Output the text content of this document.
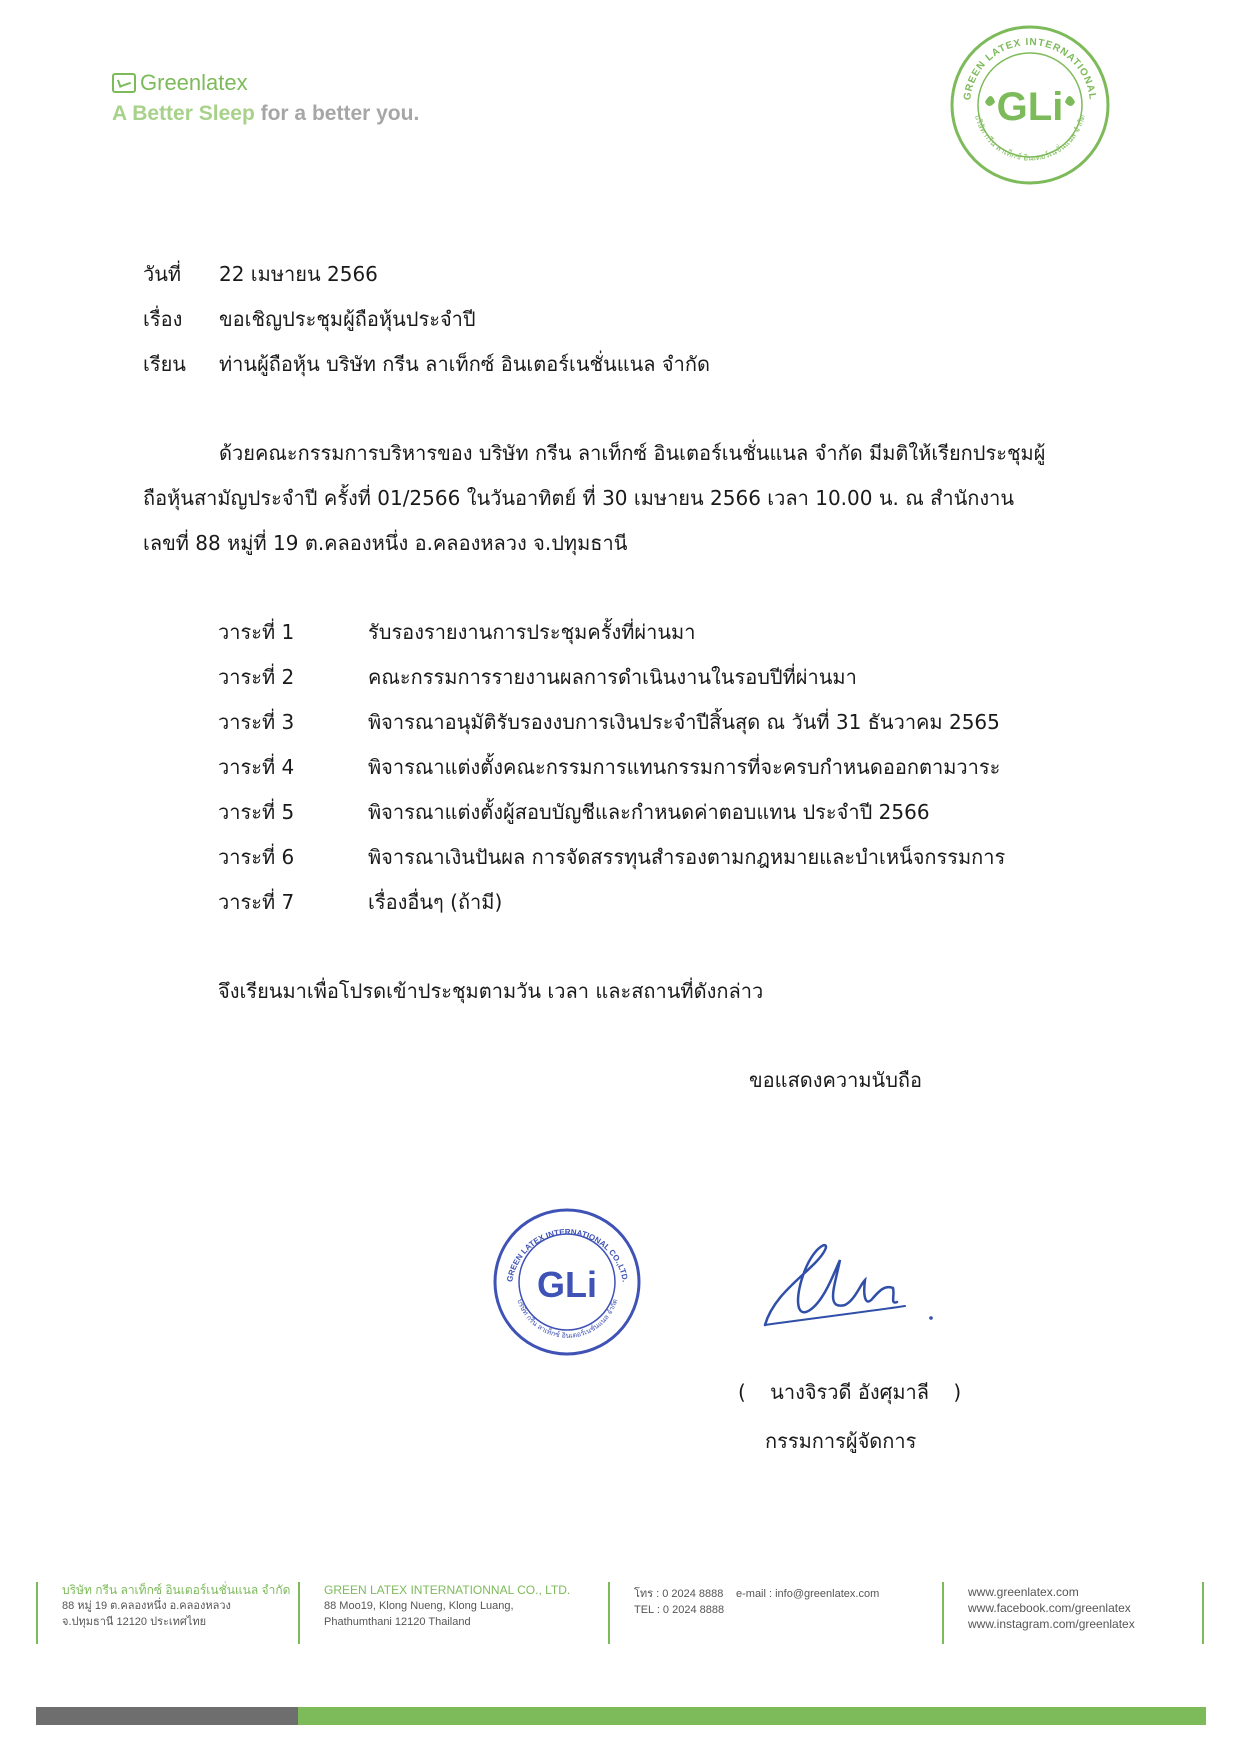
Greenlatex
A Better Sleep for a better you.
GREEN LATEX INTERNATIONAL
บริษัท กรีน ลาเท็กซ์ อินเตอร์เนชั่นแนล จำกัด
GLi
วันที่ 22 เมษายน 2566
เรื่อง ขอเชิญประชุมผู้ถือหุ้นประจำปี
เรียน ท่านผู้ถือหุ้น บริษัท กรีน ลาเท็กซ์ อินเตอร์เนชั่นแนล จำกัด
ด้วยคณะกรรมการบริหารของ บริษัท กรีน ลาเท็กซ์ อินเตอร์เนชั่นแนล จำกัด มีมติให้เรียกประชุมผู้
ถือหุ้นสามัญประจำปี ครั้งที่ 01/2566 ในวันอาทิตย์ ที่ 30 เมษายน 2566 เวลา 10.00 น. ณ สำนักงาน
เลขที่ 88 หมู่ที่ 19 ต.คลองหนึ่ง อ.คลองหลวง จ.ปทุมธานี
วาระที่ 1	รับรองรายงานการประชุมครั้งที่ผ่านมา
วาระที่ 2	คณะกรรมการรายงานผลการดำเนินงานในรอบปีที่ผ่านมา
วาระที่ 3	พิจารณาอนุมัติรับรองงบการเงินประจำปีสิ้นสุด ณ วันที่ 31 ธันวาคม 2565
วาระที่ 4	พิจารณาแต่งตั้งคณะกรรมการแทนกรรมการที่จะครบกำหนดออกตามวาระ
วาระที่ 5	พิจารณาแต่งตั้งผู้สอบบัญชีและกำหนดค่าตอบแทน ประจำปี 2566
วาระที่ 6	พิจารณาเงินปันผล การจัดสรรทุนสำรองตามกฎหมายและบำเหน็จกรรมการ
วาระที่ 7	เรื่องอื่นๆ (ถ้ามี)
จึงเรียนมาเพื่อโปรดเข้าประชุมตามวัน เวลา และสถานที่ดังกล่าว
ขอแสดงความนับถือ
GREEN LATEX INTERNATIONAL CO.,LTD.
บริษัท กรีน ลาเท็กซ์ อินเตอร์เนชั่นแนล จำกัด
GLi
( นางจิรวดี อังศุมาลี )
กรรมการผู้จัดการ
บริษัท กรีน ลาเท็กซ์ อินเตอร์เนชั่นแนล จำกัด
88 หมู่ 19 ต.คลองหนึ่ง อ.คลองหลวง
จ.ปทุมธานี 12120 ประเทศไทย
GREEN LATEX INTERNATIONNAL CO., LTD.
88 Moo19, Klong Nueng, Klong Luang,
Phathumthani 12120 Thailand
โทร : 0 2024 8888
TEL : 0 2024 8888
e-mail : info@greenlatex.com	www.greenlatex.com
www.facebook.com/greenlatex
www.instagram.com/greenlatex
